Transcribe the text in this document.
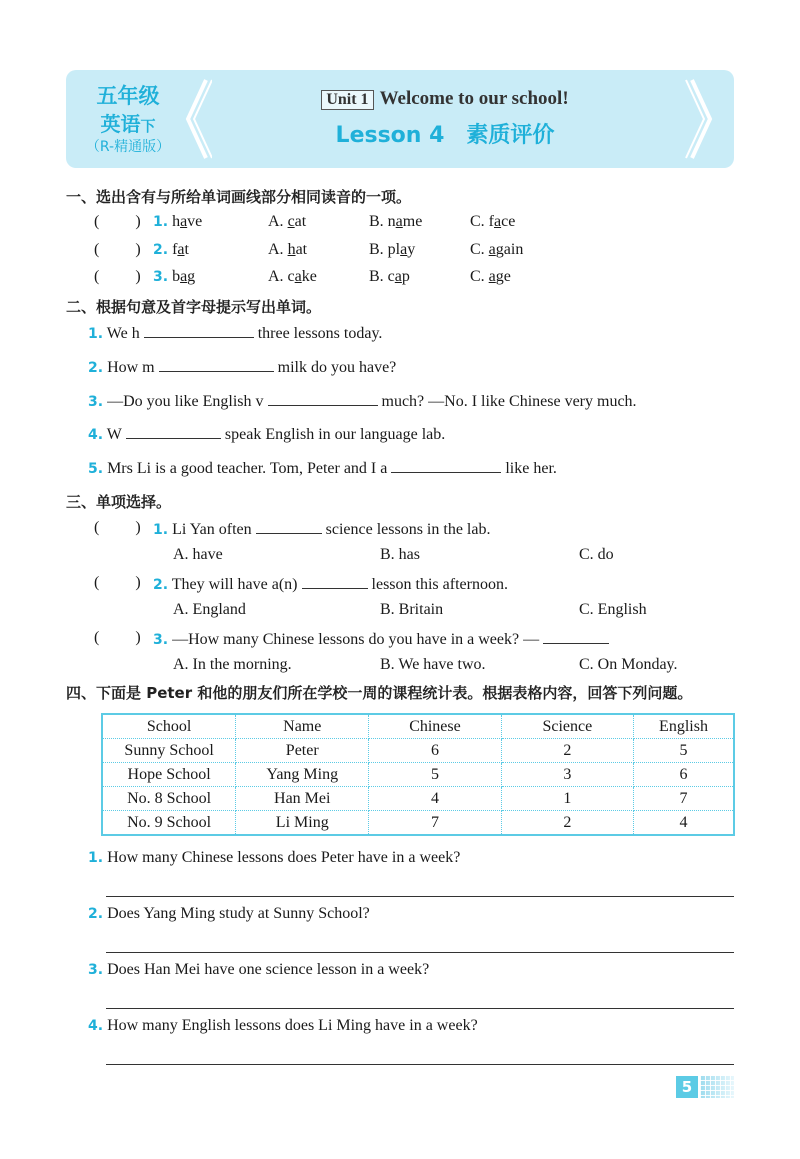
五年级
英语下
（R-精通版）
Unit 1 Welcome to our school!
Lesson 4 素质评价
一、选出含有与所给单词画线部分相同读音的一项。
(         ) 1. have	A. cat	B. name	C. face
(         ) 2. fat	A. hat	B. play	C. again
(         ) 3. bag	A. cake	B. cap	C. age
二、根据句意及首字母提示写出单词。
1. We h	three lessons today.
2. How m	milk do you have?
3. —Do you like English v	much? —No. I like Chinese very much.
4. W	speak English in our language lab.
5. Mrs Li is a good teacher. Tom, Peter and I a	like her.
三、单项选择。
(         ) 1. Li Yan often	science lessons in the lab.
A. have	B. has	C. do
(         ) 2. They will have a(n)	lesson this afternoon.
A. England	B. Britain	C. English
(         ) 3. —How many Chinese lessons do you have in a week? —
A. In the morning.	B. We have two.	C. On Monday.
四、下面是 Peter 和他的朋友们所在学校一周的课程统计表。根据表格内容，回答下列问题。
School	Name	Chinese	Science	English
Sunny School	Peter	6	2	5
Hope School	Yang Ming	5	3	6
No. 8 School	Han Mei	4	1	7
No. 9 School	Li Ming	7	2	4
1. How many Chinese lessons does Peter have in a week?
2. Does Yang Ming study at Sunny School?
3. Does Han Mei have one science lesson in a week?
4. How many English lessons does Li Ming have in a week?
5
